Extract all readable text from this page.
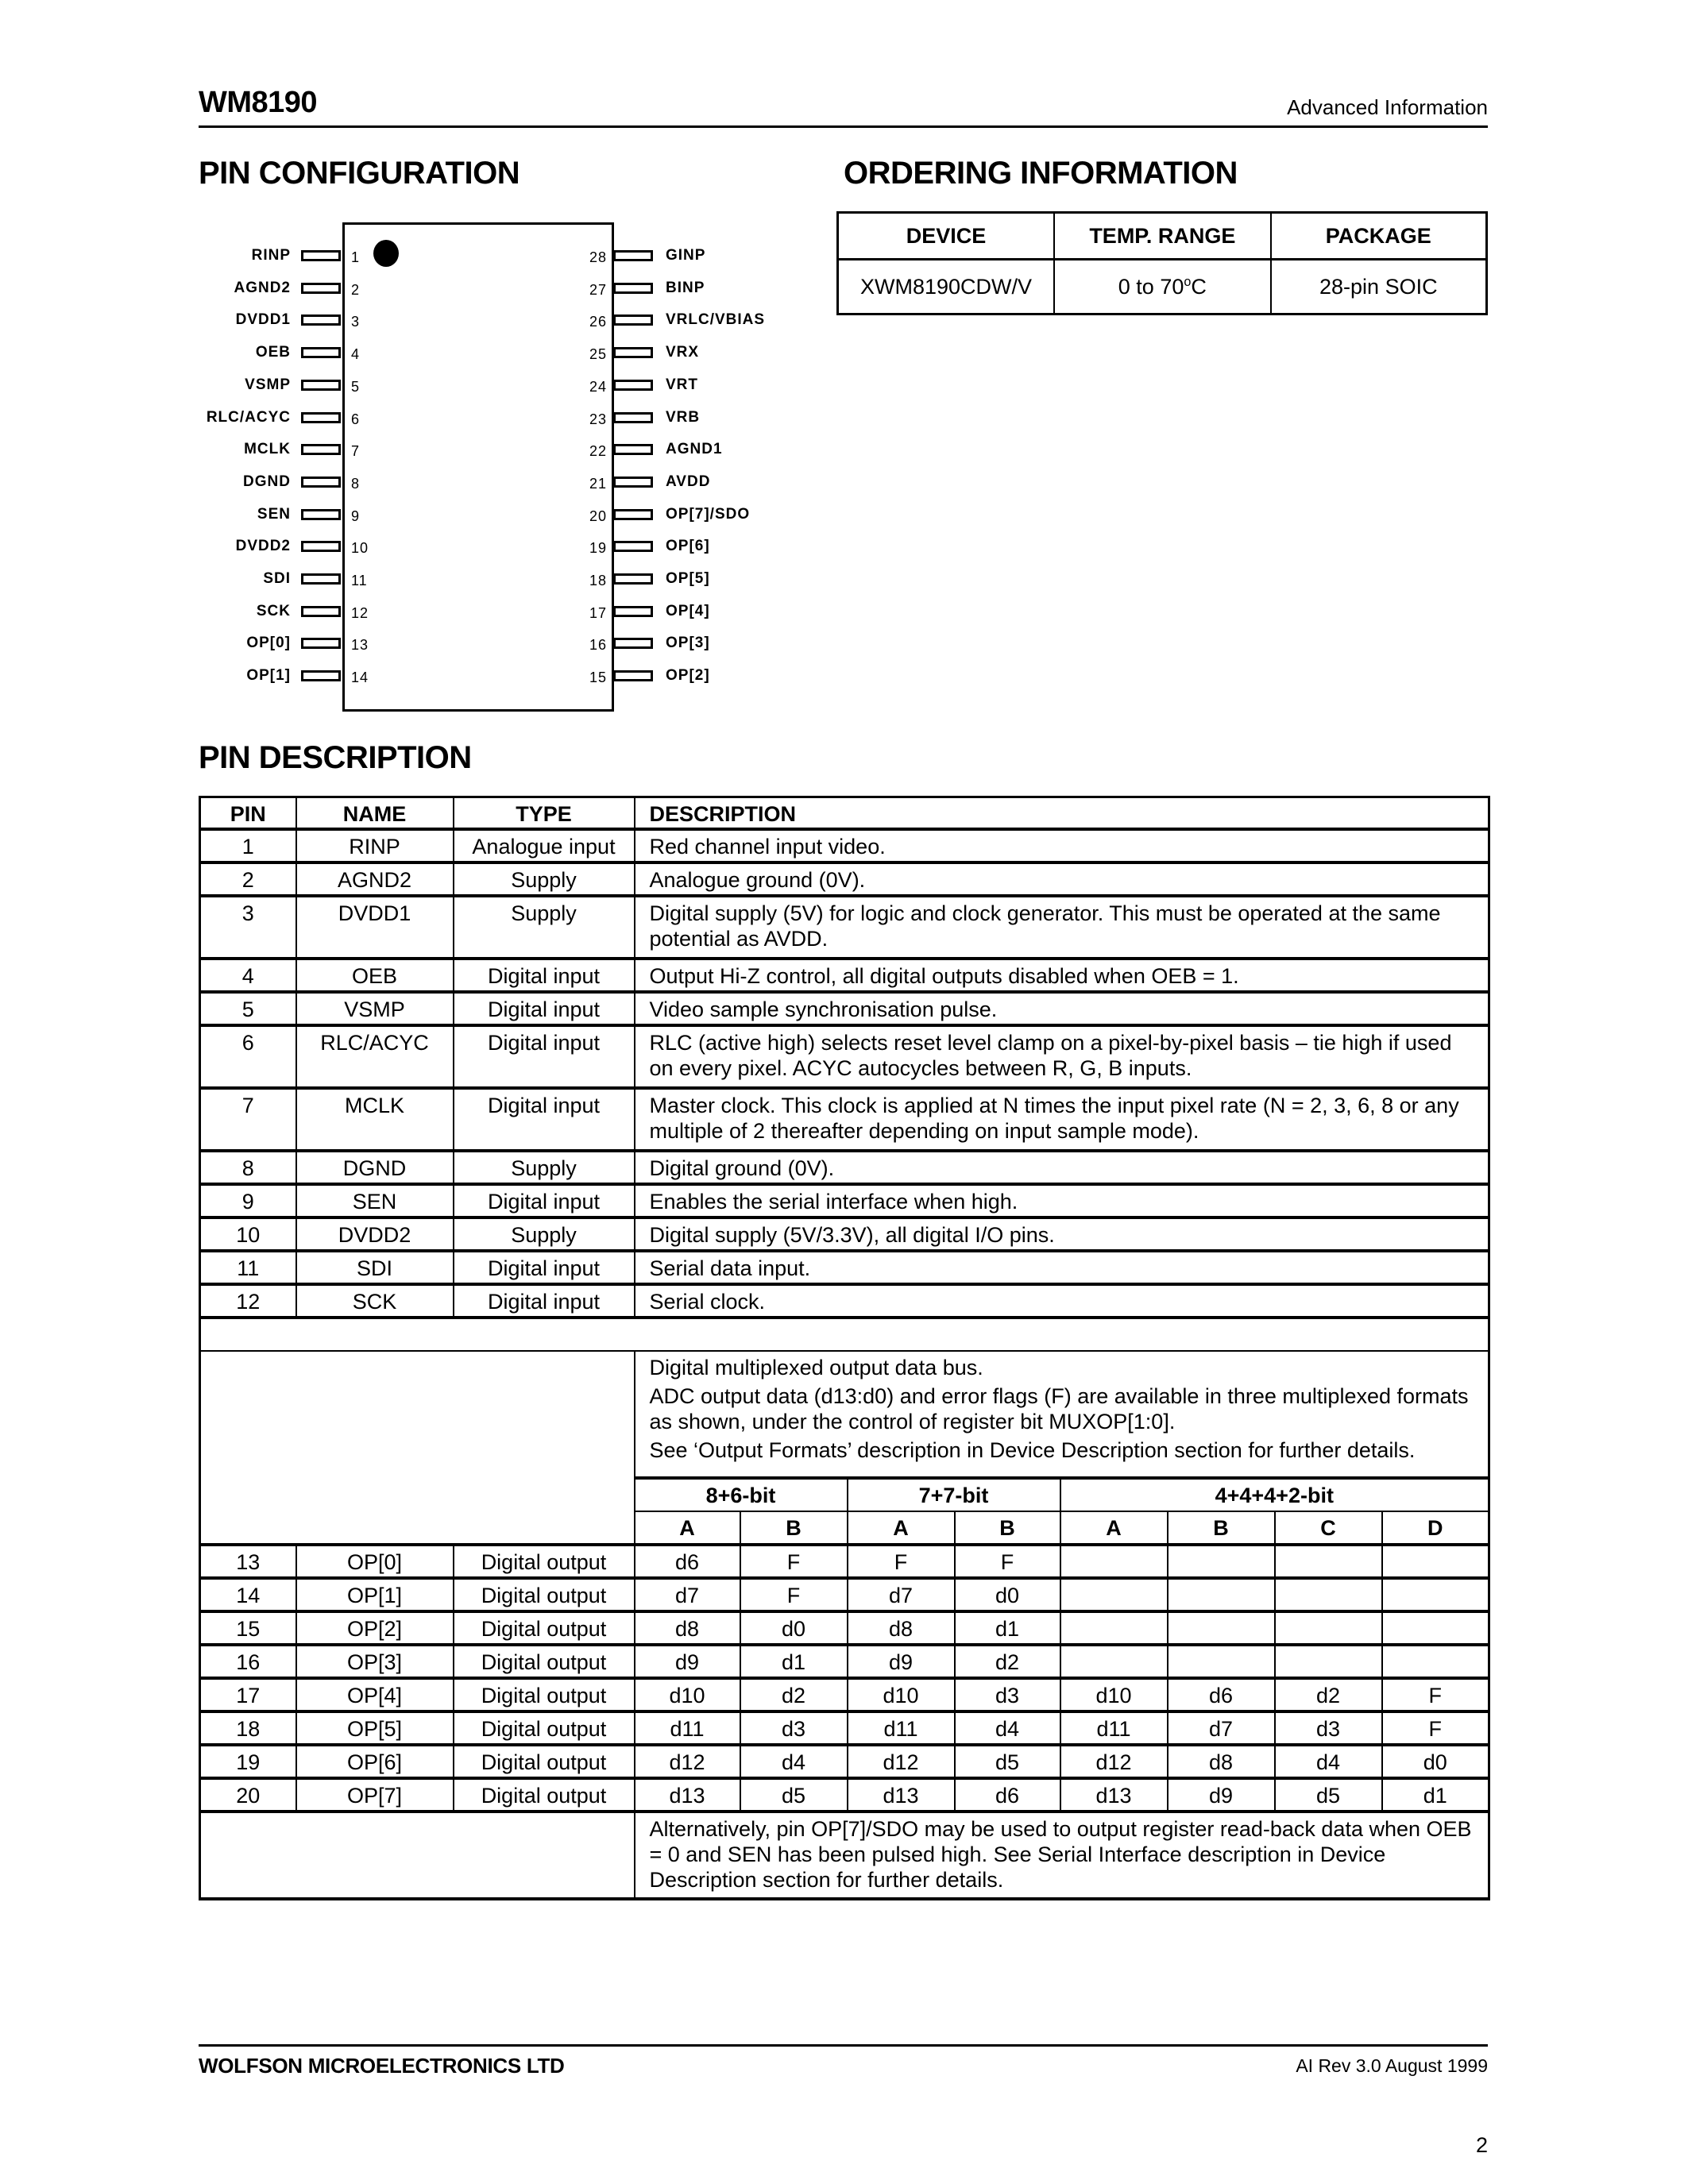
WM8190	Advanced Information
PIN CONFIGURATION	ORDERING INFORMATION
DEVICE	TEMP. RANGE	PACKAGE
XWM8190CDW/V	0 to 70$^o$C	28-pin SOIC
RINP	1
AGND2	2
DVDD1	3
OEB	4
VSMP	5
RLC/ACYC	6
MCLK	7
DGND	8
SEN	9
DVDD2	10
SDI	11
SCK	12
OP[0]	13
OP[1]	14
GINP
28
BINP
27
VRLC/VBIAS
26
VRX
25
VRT
24
VRB
23
AGND1
22
AVDD
21
OP[7]/SDO
20
OP[6]
19
OP[5]
18
OP[4]
17
OP[3]
16
OP[2]
15
PIN DESCRIPTION
PIN	NAME	TYPE	DESCRIPTION							
1	RINP	Analogue input	Red channel input video.							
2	AGND2	Supply	Analogue ground (0V).							
3	DVDD1	Supply	Digital supply (5V) for logic and clock generator. This must be operated at the same potential as AVDD.							
4	OEB	Digital input	Output Hi-Z control, all digital outputs disabled when OEB = 1.							
5	VSMP	Digital input	Video sample synchronisation pulse.							
6	RLC/ACYC	Digital input	RLC (active high) selects reset level clamp on a pixel-by-pixel basis – tie high if used on every pixel. ACYC autocycles between R, G, B inputs.							
7	MCLK	Digital input	Master clock. This clock is applied at N times the input pixel rate (N = 2, 3, 6, 8 or any multiple of 2 thereafter depending on input sample mode).							
8	DGND	Supply	Digital ground (0V).							
9	SEN	Digital input	Enables the serial interface when high.							
10	DVDD2	Supply	Digital supply (5V/3.3V), all digital I/O pins.							
11	SDI	Digital input	Serial data input.							
12	SCK	Digital input	Serial clock.							

			Digital multiplexed output data bus.
ADC output data (d13:d0) and error flags (F) are available in three multiplexed formats as shown, under the control of register bit MUXOP[1:0].
See ‘Output Formats’ description in Device Description section for further details.							

			8+6-bit		7+7-bit		4+4+4+2-bit			
			A	B	A	B	A	B	C	D
13	OP[0]	Digital output	d6	F	F	F				
14	OP[1]	Digital output	d7	F	d7	d0				
15	OP[2]	Digital output	d8	d0	d8	d1				
16	OP[3]	Digital output	d9	d1	d9	d2				
17	OP[4]	Digital output	d10	d2	d10	d3	d10	d6	d2	F
18	OP[5]	Digital output	d11	d3	d11	d4	d11	d7	d3	F
19	OP[6]	Digital output	d12	d4	d12	d5	d12	d8	d4	d0
20	OP[7]	Digital output	d13	d5	d13	d6	d13	d9	d5	d1
			Alternatively, pin OP[7]/SDO may be used to output register read-back data when OEB = 0 and SEN has been pulsed high. See Serial Interface description in Device Description section for further details.							
WOLFSON MICROELECTRONICS LTD	AI Rev 3.0 August 1999
2
